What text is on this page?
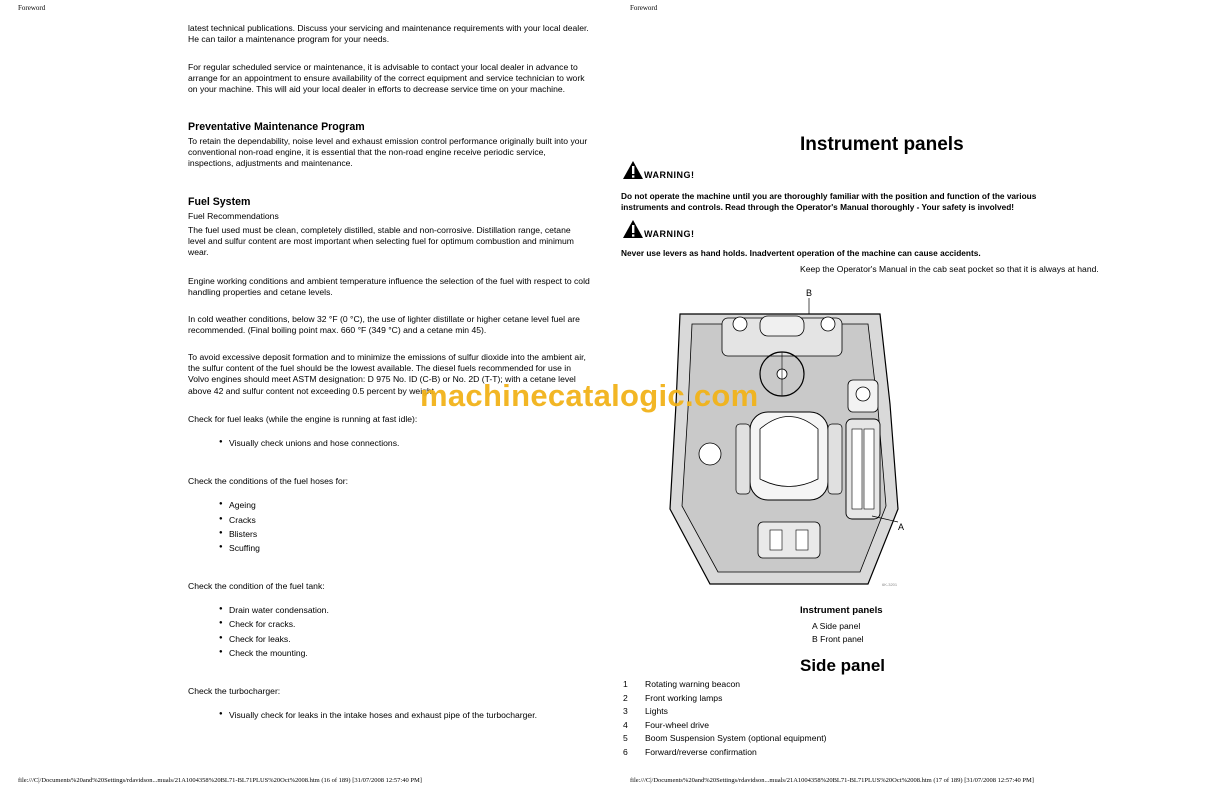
Foreword
latest technical publications. Discuss your servicing and maintenance requirements with your local dealer.
He can tailor a maintenance program for your needs.
For regular scheduled service or maintenance, it is advisable to contact your local dealer in advance to
arrange for an appointment to ensure availability of the correct equipment and service technician to work
on your machine. This will aid your local dealer in efforts to decrease service time on your machine.
Preventative Maintenance Program
To retain the dependability, noise level and exhaust emission control performance originally built into your
conventional non-road engine, it is essential that the non-road engine receive periodic service,
inspections, adjustments and maintenance.
Fuel System
Fuel Recommendations
The fuel used must be clean, completely distilled, stable and non-corrosive. Distillation range, cetane
level and sulfur content are most important when selecting fuel for optimum combustion and minimum
wear.
Engine working conditions and ambient temperature influence the selection of the fuel with respect to cold
handling properties and cetane levels.
In cold weather conditions, below 32 °F (0 °C), the use of lighter distillate or higher cetane level fuel are
recommended. (Final boiling point max. 660 °F (349 °C) and a cetane min 45).
To avoid excessive deposit formation and to minimize the emissions of sulfur dioxide into the ambient air,
the sulfur content of the fuel should be the lowest available. The diesel fuels recommended for use in
Volvo engines should meet ASTM designation: D 975 No. ID (C-B) or No. 2D (T-T); with a cetane level
above 42 and sulfur content not exceeding 0.5 percent by weight.
Check for fuel leaks (while the engine is running at fast idle):
● Visually check unions and hose connections.
Check the conditions of the fuel hoses for:
● Ageing
● Cracks
● Blisters
● Scuffing
Check the condition of the fuel tank:
● Drain water condensation.
● Check for cracks.
● Check for leaks.
● Check the mounting.
Check the turbocharger:
● Visually check for leaks in the intake hoses and exhaust pipe of the turbocharger.
file:///C|/Documents%20and%20Settings/rdavidson...muals/21A1004358%20BL71-BL71PLUS%20Oct%2008.htm (16 of 189) [31/07/2008 12:57:40 PM]
Foreword
Instrument panels
WARNING!
Do not operate the machine until you are thoroughly familiar with the position and function of the various
instruments and controls. Read through the Operator's Manual thoroughly - Your safety is involved!
WARNING!
Never use levers as hand holds. Inadvertent operation of the machine can cause accidents.
Keep the Operator's Manual in the cab seat pocket so that it is always at hand.
B
A
6K-3201
Instrument panels
A Side panel
B Front panel
Side panel
1 Rotating warning beacon
2 Front working lamps
3 Lights
4 Four-wheel drive
5 Boom Suspension System (optional equipment)
6 Forward/reverse confirmation
file:///C|/Documents%20and%20Settings/rdavidson...muals/21A1004358%20BL71-BL71PLUS%20Oct%2008.htm (17 of 189) [31/07/2008 12:57:40 PM]
machinecatalogic.com
